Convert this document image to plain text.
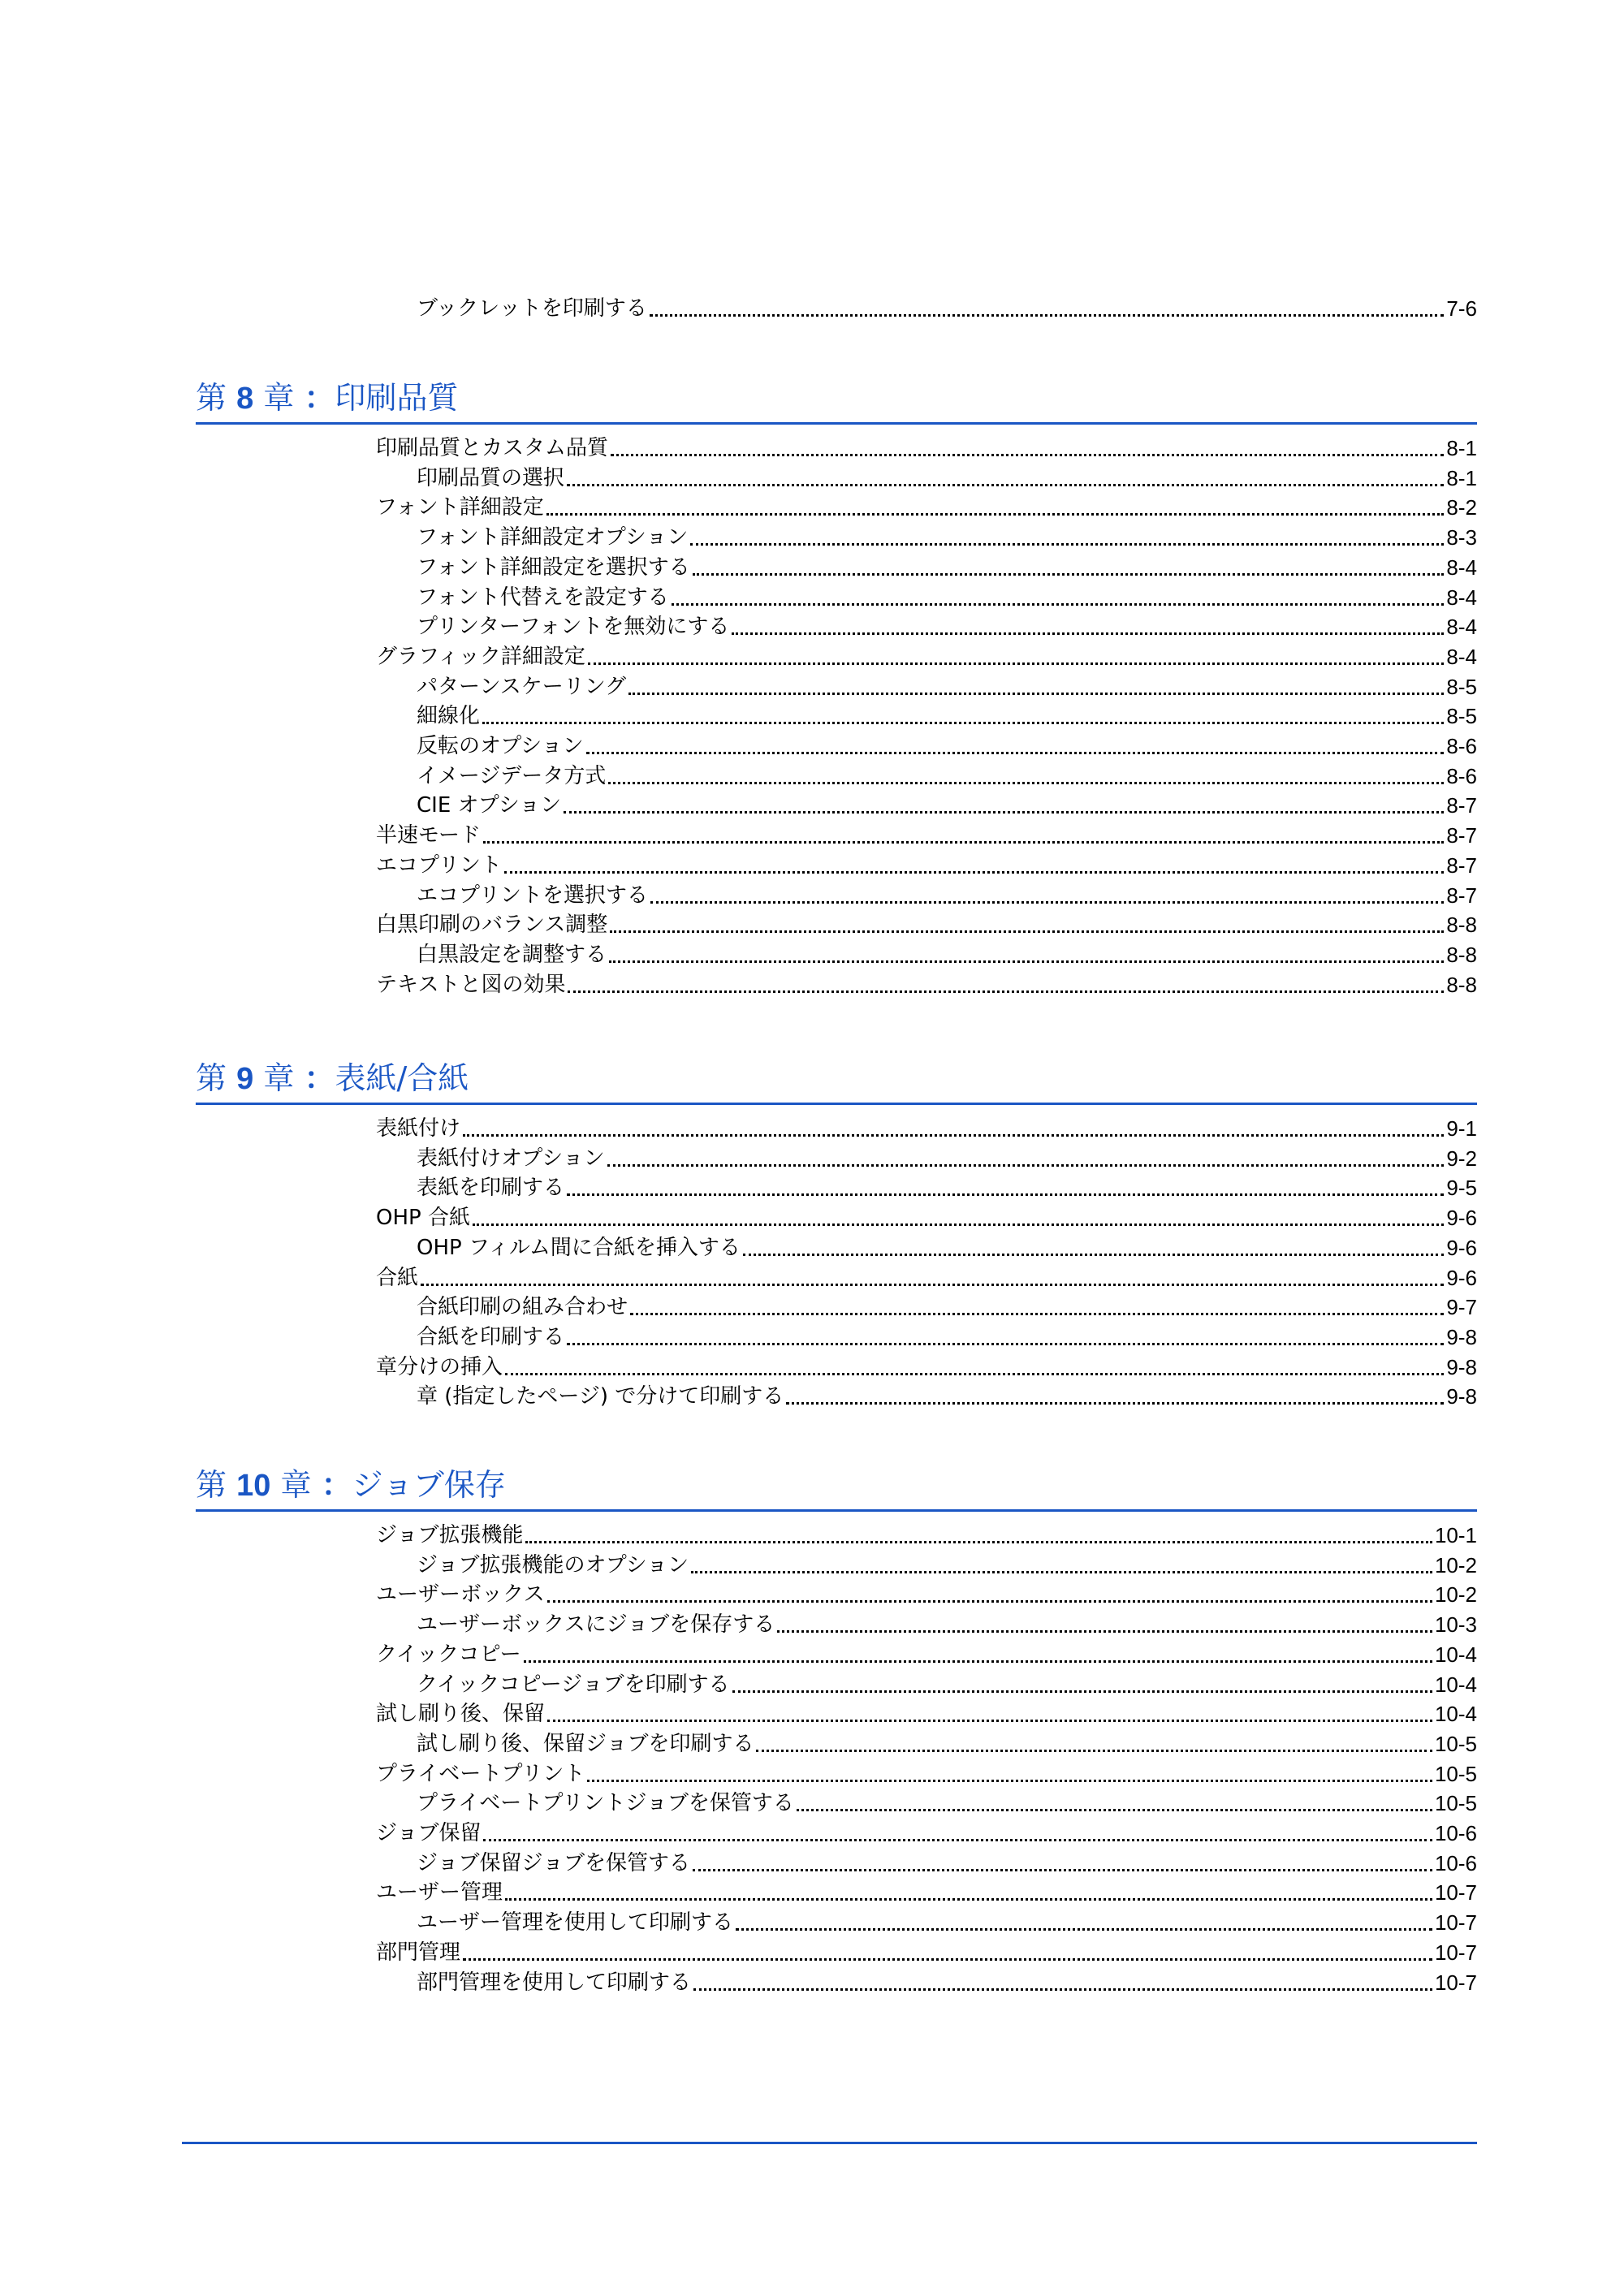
ブックレットを印刷する	7-6
第 8 章 ：印刷品質
印刷品質とカスタム品質	8-1
印刷品質の選択	8-1
フォント詳細設定	8-2
フォント詳細設定オプション	8-3
フォント詳細設定を選択する	8-4
フォント代替えを設定する	8-4
プリンターフォントを無効にする	8-4
グラフィック詳細設定	8-4
パターンスケーリング	8-5
細線化	8-5
反転のオプション	8-6
イメージデータ方式	8-6
CIE オプション	8-7
半速モード	8-7
エコプリント	8-7
エコプリントを選択する	8-7
白黒印刷のバランス調整	8-8
白黒設定を調整する	8-8
テキストと図の効果	8-8
第 9 章 ：表紙/合紙
表紙付け	9-1
表紙付けオプション	9-2
表紙を印刷する	9-5
OHP 合紙	9-6
OHP フィルム間に合紙を挿入する	9-6
合紙	9-6
合紙印刷の組み合わせ	9-7
合紙を印刷する	9-8
章分けの挿入	9-8
章 (指定したページ) で分けて印刷する	9-8
第 10 章 ：ジョブ保存
ジョブ拡張機能	10-1
ジョブ拡張機能のオプション	10-2
ユーザーボックス	10-2
ユーザーボックスにジョブを保存する	10-3
クイックコピー	10-4
クイックコピージョブを印刷する	10-4
試し刷り後、保留	10-4
試し刷り後、保留ジョブを印刷する	10-5
プライベートプリント	10-5
プライベートプリントジョブを保管する	10-5
ジョブ保留	10-6
ジョブ保留ジョブを保管する	10-6
ユーザー管理	10-7
ユーザー管理を使用して印刷する	10-7
部門管理	10-7
部門管理を使用して印刷する	10-7
